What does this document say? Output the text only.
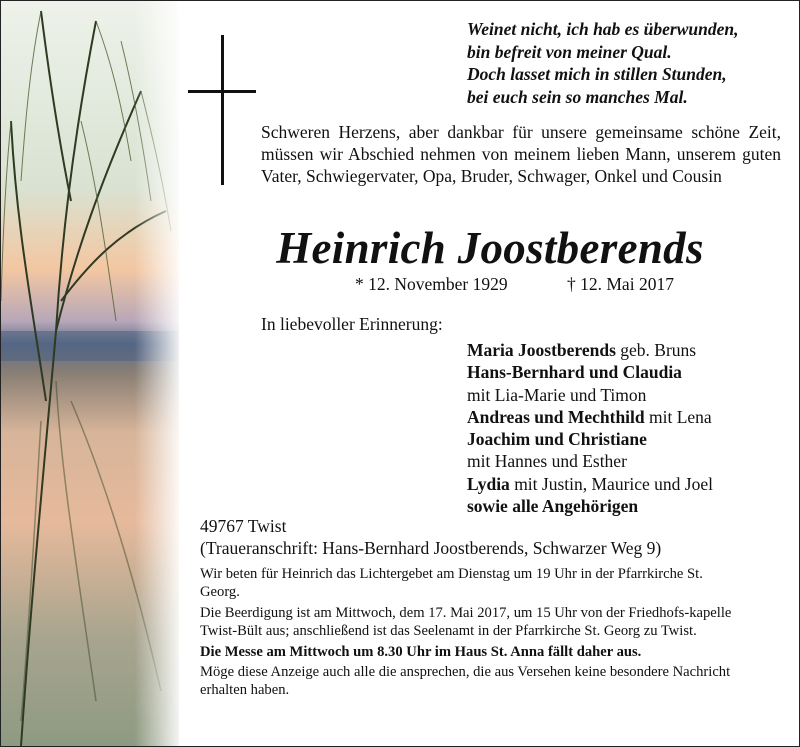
Weinet nicht, ich hab es überwunden,
bin befreit von meiner Qual.
Doch lasset mich in stillen Stunden,
bei euch sein so manches Mal.
Schweren Herzens, aber dankbar für unsere gemeinsame schöne Zeit, müssen wir Abschied nehmen von meinem lieben Mann, unserem guten Vater, Schwiegervater, Opa, Bruder, Schwager, Onkel und Cousin
Heinrich Joostberends
* 12. November 1929	† 12. Mai 2017
In liebevoller Erinnerung:
Maria Joostberends geb. Bruns
Hans-Bernhard und Claudia
mit Lia-Marie und Timon
Andreas und Mechthild mit Lena
Joachim und Christiane
mit Hannes und Esther
Lydia mit Justin, Maurice und Joel
sowie alle Angehörigen
49767 Twist
(Traueranschrift: Hans-Bernhard Joostberends, Schwarzer Weg 9)

Wir beten für Heinrich das Lichtergebet am Dienstag um 19 Uhr in der Pfarrkirche St. Georg.

Die Beerdigung ist am Mittwoch, dem 17. Mai 2017, um 15 Uhr von der Friedhofs-kapelle Twist-Bült aus; anschließend ist das Seelenamt in der Pfarrkirche St. Georg zu Twist.

Die Messe am Mittwoch um 8.30 Uhr im Haus St. Anna fällt daher aus.

Möge diese Anzeige auch alle die ansprechen, die aus Versehen keine besondere Nachricht erhalten haben.
